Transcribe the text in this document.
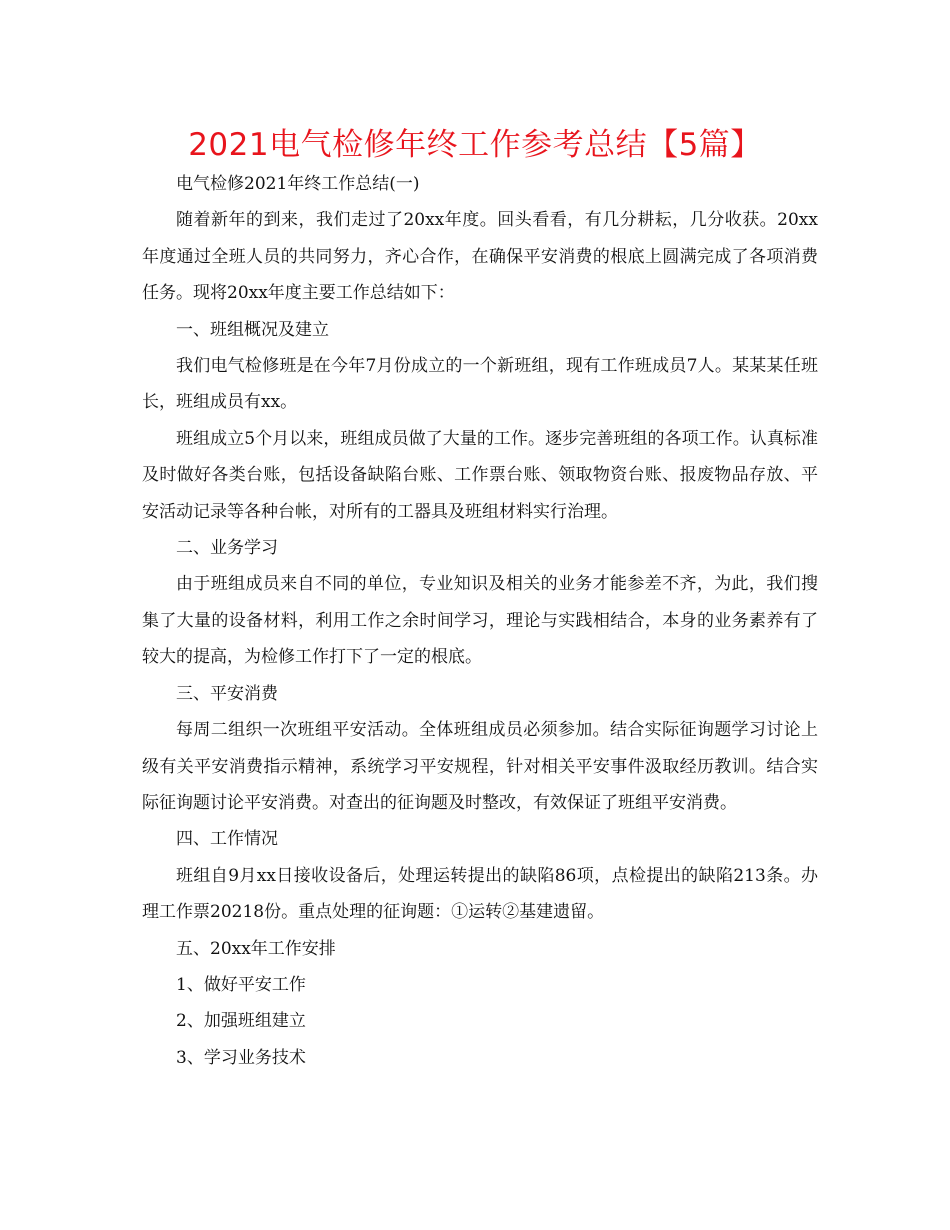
2021电气检修年终工作参考总结【5篇】

电气检修2021年终工作总结(一)

随着新年的到来，我们走过了20xx年度。回头看看，有几分耕耘，几分收获。20xx年度通过全班人员的共同努力，齐心合作，在确保平安消费的根底上圆满完成了各项消费任务。现将20xx年度主要工作总结如下：

一、班组概况及建立

我们电气检修班是在今年7月份成立的一个新班组，现有工作班成员7人。某某某任班长，班组成员有xx。

班组成立5个月以来，班组成员做了大量的工作。逐步完善班组的各项工作。认真标准及时做好各类台账，包括设备缺陷台账、工作票台账、领取物资台账、报废物品存放、平安活动记录等各种台帐，对所有的工器具及班组材料实行治理。

二、业务学习

由于班组成员来自不同的单位，专业知识及相关的业务才能参差不齐，为此，我们搜集了大量的设备材料，利用工作之余时间学习，理论与实践相结合，本身的业务素养有了较大的提高，为检修工作打下了一定的根底。

三、平安消费

每周二组织一次班组平安活动。全体班组成员必须参加。结合实际征询题学习讨论上级有关平安消费指示精神，系统学习平安规程，针对相关平安事件汲取经历教训。结合实际征询题讨论平安消费。对查出的征询题及时整改，有效保证了班组平安消费。

四、工作情况

班组自9月xx日接收设备后，处理运转提出的缺陷86项，点检提出的缺陷213条。办理工作票20218份。重点处理的征询题：①运转②基建遗留。

五、20xx年工作安排

1、做好平安工作

2、加强班组建立

3、学习业务技术
